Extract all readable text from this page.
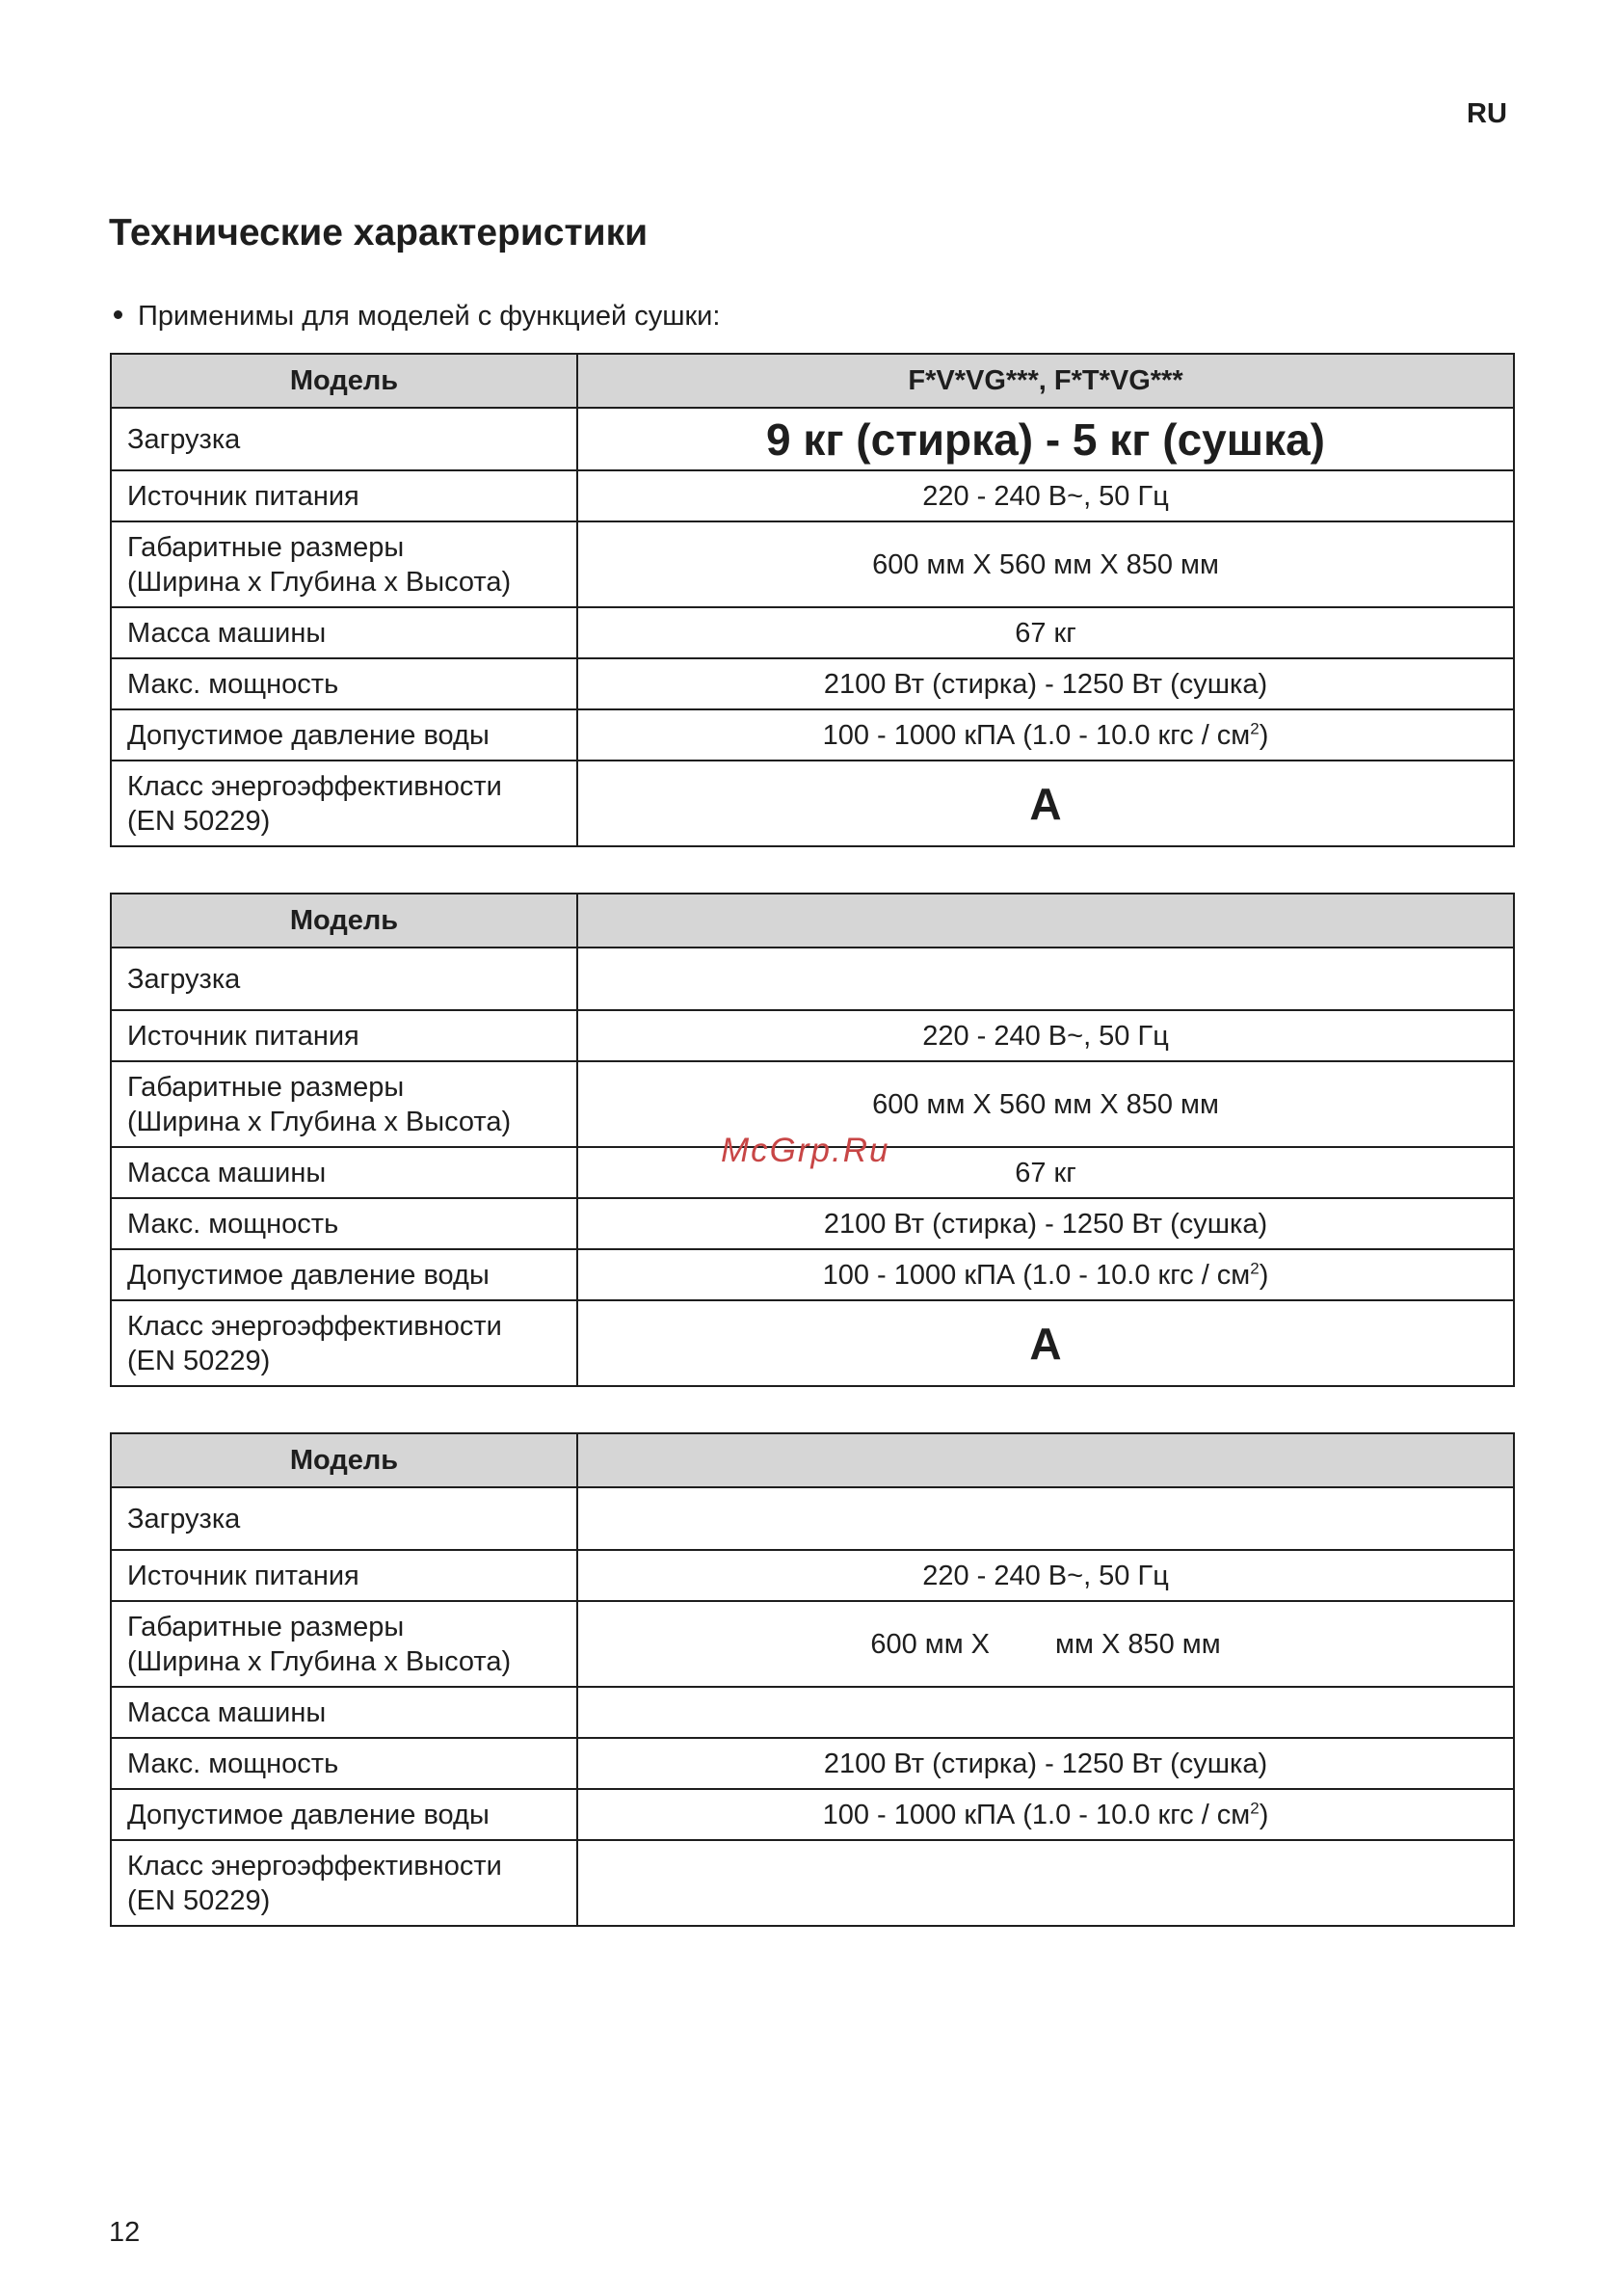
RU
Технические характеристики
Применимы для моделей с функцией сушки:
Модель	F*V*VG***, F*T*VG***
Загрузка	9 кг (стирка) - 5 кг (сушка)
Источник питания	220 - 240 В~, 50 Гц
Габаритные размеры
(Ширина x Глубина x Высота)	600 мм X 560 мм X 850 мм
Масса машины	67 кг
Макс. мощность	2100 Вт (стирка) - 1250 Вт (сушка)
Допустимое давление воды	100 - 1000 кПА (1.0 - 10.0 кгс / $см^2$)
Класс энергоэффективности
(EN 50229)	A
Модель	
Загрузка	
Источник питания	220 - 240 В~, 50 Гц
Габаритные размеры
(Ширина x Глубина x Высота)	600 мм X 560 мм X 850 мм
Масса машины	67 кг
Макс. мощность	2100 Вт (стирка) - 1250 Вт (сушка)
Допустимое давление воды	100 - 1000 кПА (1.0 - 10.0 кгс / $см^2$)
Класс энергоэффективности
(EN 50229)	A
Модель	
Загрузка	
Источник питания	220 - 240 В~, 50 Гц
Габаритные размеры
(Ширина x Глубина x Высота)	600 мм X мм X 850 мм
Масса машины	
Макс. мощность	2100 Вт (стирка) - 1250 Вт (сушка)
Допустимое давление воды	100 - 1000 кПА (1.0 - 10.0 кгс / $см^2$)
Класс энергоэффективности
(EN 50229)	
McGrp.Ru
12
